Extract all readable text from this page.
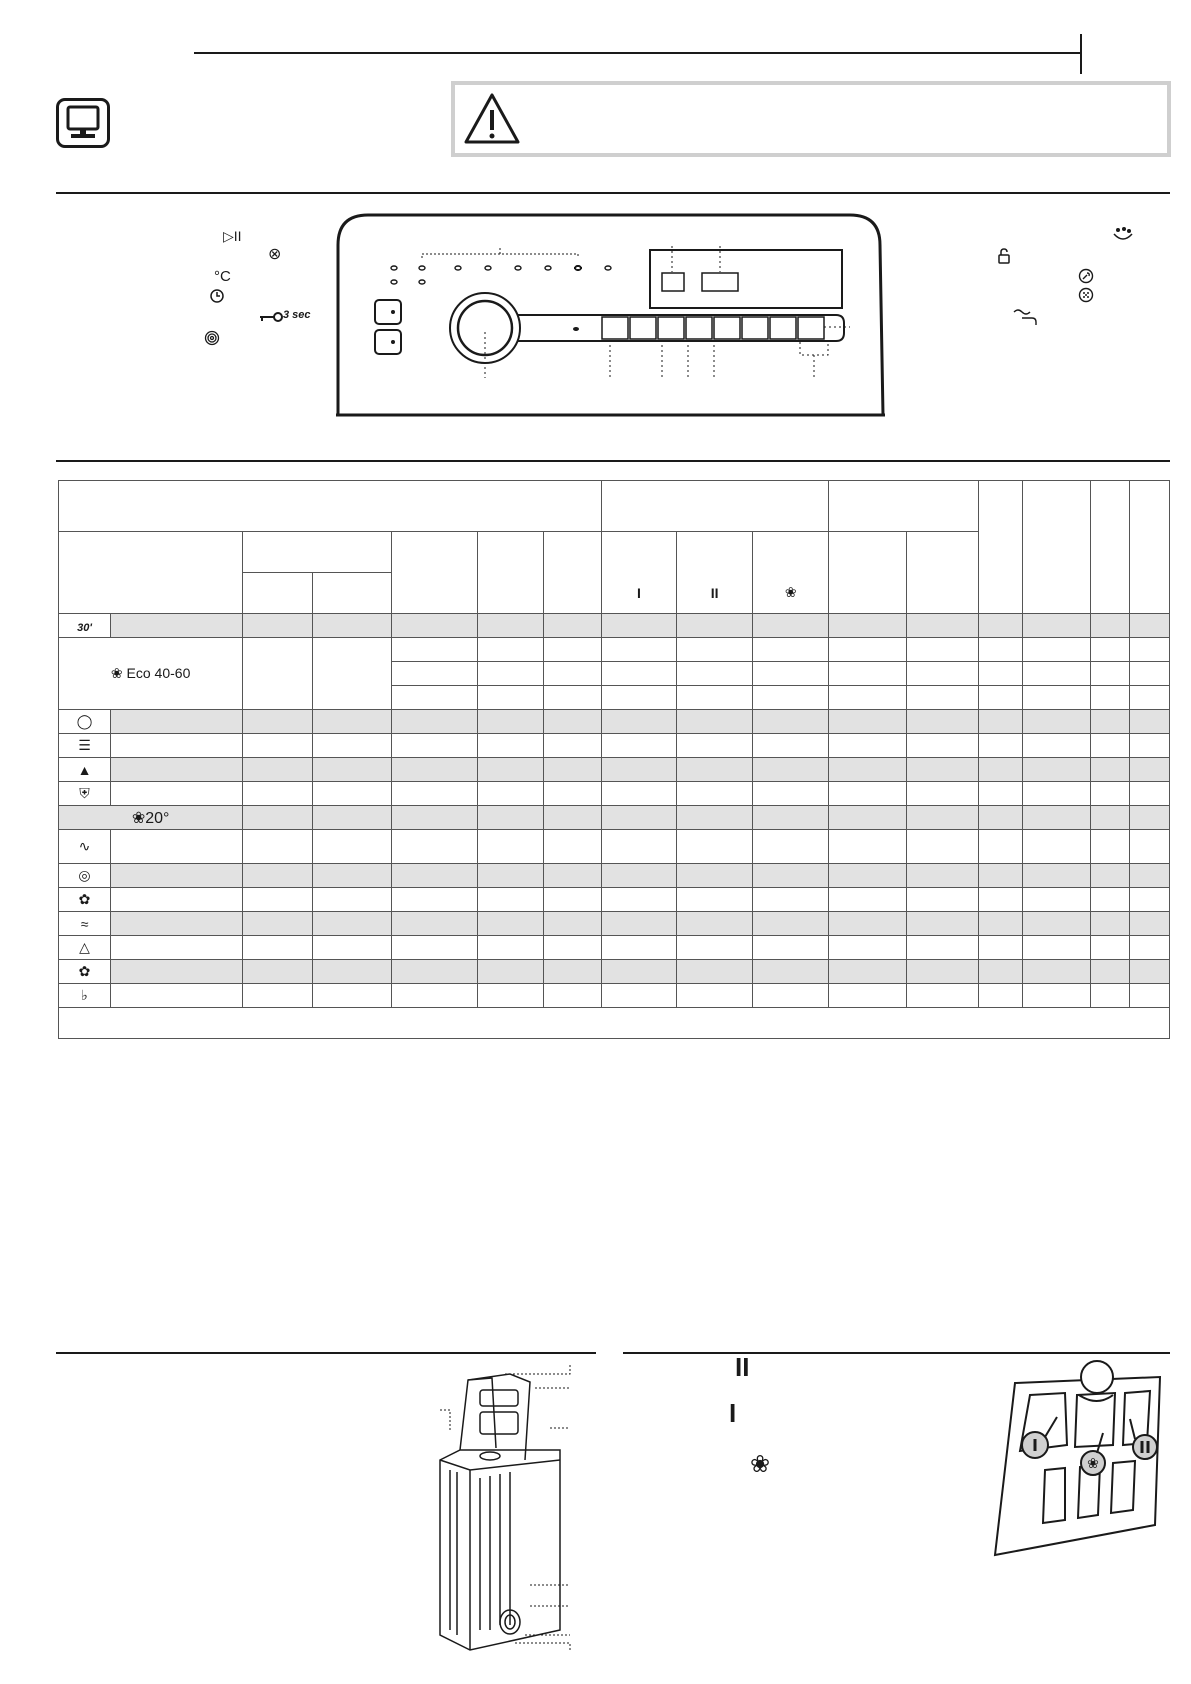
▷II
⊗
°C
3 sec

							I	II	❀						
30'															
❀ Eco 40-60															

◯															
☰															
▲															
⛨															
❀20°															
∿															
◎															
✿															
≈															
△															
✿															
♭															

II
I
❀	❀
